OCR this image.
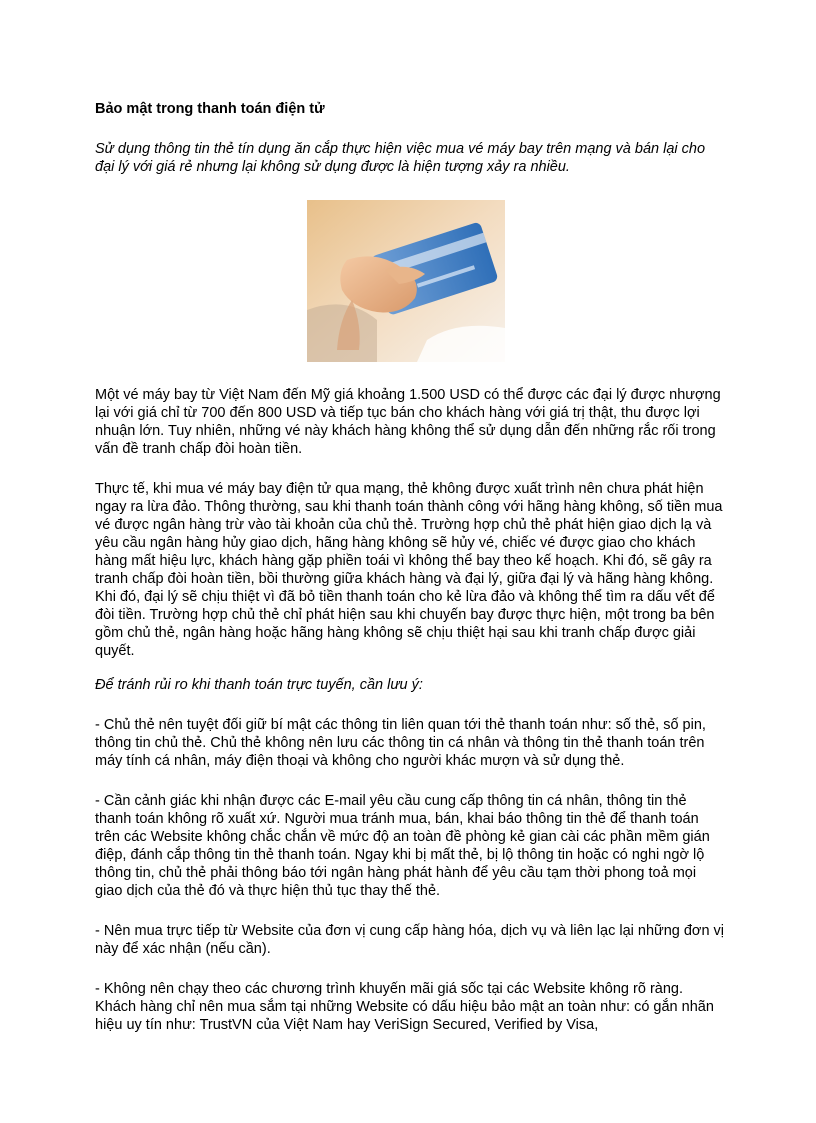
Bảo mật trong thanh toán điện tử

Sử dụng thông tin thẻ tín dụng ăn cắp thực hiện việc mua vé máy bay trên mạng và bán lại cho đại lý với giá rẻ nhưng lại không sử dụng được là hiện tượng xảy ra nhiều.

Một vé máy bay từ Việt Nam đến Mỹ giá khoảng 1.500 USD có thể được các đại lý được nhượng lại với giá chỉ từ 700 đến 800 USD và tiếp tục bán cho khách hàng với giá trị thật, thu được lợi nhuận lớn. Tuy nhiên, những vé này khách hàng không thể sử dụng dẫn đến những rắc rối trong vấn đề tranh chấp đòi hoàn tiền.

Thực tế, khi mua vé máy bay điện tử qua mạng, thẻ không được xuất trình nên chưa phát hiện ngay ra lừa đảo. Thông thường, sau khi thanh toán thành công với hãng hàng không, số tiền mua vé được ngân hàng trừ vào tài khoản của chủ thẻ. Trường hợp chủ thẻ phát hiện giao dịch lạ và yêu cầu ngân hàng hủy giao dịch, hãng hàng không sẽ hủy vé, chiếc vé được giao cho khách hàng mất hiệu lực, khách hàng gặp phiền toái vì không thể bay theo kế hoạch. Khi đó, sẽ gây ra tranh chấp đòi hoàn tiền, bồi thường giữa khách hàng và đại lý, giữa đại lý và hãng hàng không. Khi đó, đại lý sẽ chịu thiệt vì đã bỏ tiền thanh toán cho kẻ lừa đảo và không thể tìm ra dấu vết để đòi tiền. Trường hợp chủ thẻ chỉ phát hiện sau khi chuyến bay được thực hiện, một trong ba bên gồm chủ thẻ, ngân hàng hoặc hãng hàng không sẽ chịu thiệt hại sau khi tranh chấp được giải quyết.

Để tránh rủi ro khi thanh toán trực tuyến, cần lưu ý:

- Chủ thẻ nên tuyệt đối giữ bí mật các thông tin liên quan tới thẻ thanh toán như: số thẻ, số pin, thông tin chủ thẻ. Chủ thẻ không nên lưu các thông tin cá nhân và thông tin thẻ thanh toán trên máy tính cá nhân, máy điện thoại và không cho người khác mượn và sử dụng thẻ.

- Cần cảnh giác khi nhận được các E-mail yêu cầu cung cấp thông tin cá nhân, thông tin thẻ thanh toán không rõ xuất xứ. Người mua tránh mua, bán, khai báo thông tin thẻ để thanh toán trên các Website không chắc chắn về mức độ an toàn đề phòng kẻ gian cài các phần mềm gián điệp, đánh cắp thông tin thẻ thanh toán. Ngay khi bị mất thẻ, bị lộ thông tin hoặc có nghi ngờ lộ thông tin, chủ thẻ phải thông báo tới ngân hàng phát hành để yêu cầu tạm thời phong toả mọi giao dịch của thẻ đó và thực hiện thủ tục thay thế thẻ.

- Nên mua trực tiếp từ Website của đơn vị cung cấp hàng hóa, dịch vụ và liên lạc lại những đơn vị này để xác nhận (nếu cần).

- Không nên chạy theo các chương trình khuyến mãi giá sốc tại các Website không rõ ràng. Khách hàng chỉ nên mua sắm tại những Website có dấu hiệu bảo mật an toàn như: có gắn nhãn hiệu uy tín như: TrustVN của Việt Nam hay VeriSign Secured, Verified by Visa,
